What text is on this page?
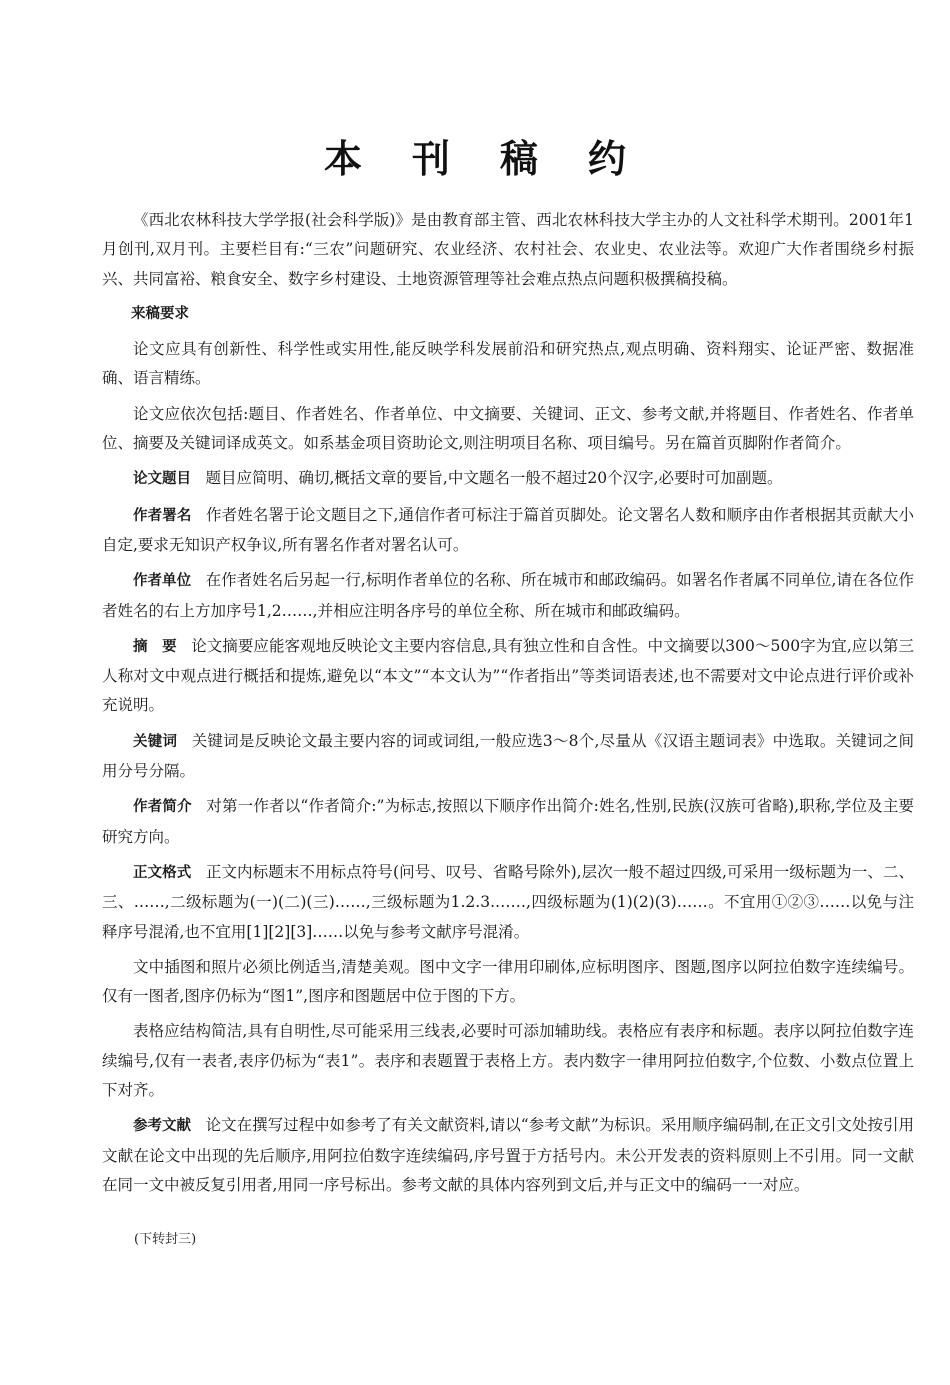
本刊稿约

《西北农林科技大学学报(社会科学版)》是由教育部主管、西北农林科技大学主办的人文社科学术期刊。2001年1月创刊,双月刊。主要栏目有:“三农”问题研究、农业经济、农村社会、农业史、农业法等。欢迎广大作者围绕乡村振兴、共同富裕、粮食安全、数字乡村建设、土地资源管理等社会难点热点问题积极撰稿投稿。

来稿要求

论文应具有创新性、科学性或实用性,能反映学科发展前沿和研究热点,观点明确、资料翔实、论证严密、数据准确、语言精练。

论文应依次包括:题目、作者姓名、作者单位、中文摘要、关键词、正文、参考文献,并将题目、作者姓名、作者单位、摘要及关键词译成英文。如系基金项目资助论文,则注明项目名称、项目编号。另在篇首页脚附作者简介。

论文题目 题目应简明、确切,概括文章的要旨,中文题名一般不超过20个汉字,必要时可加副题。

作者署名 作者姓名署于论文题目之下,通信作者可标注于篇首页脚处。论文署名人数和顺序由作者根据其贡献大小自定,要求无知识产权争议,所有署名作者对署名认可。

作者单位 在作者姓名后另起一行,标明作者单位的名称、所在城市和邮政编码。如署名作者属不同单位,请在各位作者姓名的右上方加序号1,2……,并相应注明各序号的单位全称、所在城市和邮政编码。

摘　要 论文摘要应能客观地反映论文主要内容信息,具有独立性和自含性。中文摘要以300～500字为宜,应以第三人称对文中观点进行概括和提炼,避免以“本文”“本文认为”“作者指出”等类词语表述,也不需要对文中论点进行评价或补充说明。

关键词 关键词是反映论文最主要内容的词或词组,一般应选3～8个,尽量从《汉语主题词表》中选取。关键词之间用分号分隔。

作者简介 对第一作者以“作者简介:”为标志,按照以下顺序作出简介:姓名,性别,民族(汉族可省略),职称,学位及主要研究方向。

正文格式 正文内标题末不用标点符号(问号、叹号、省略号除外),层次一般不超过四级,可采用一级标题为一、二、三、……,二级标题为(一)(二)(三)……,三级标题为1.2.3.……,四级标题为(1)(2)(3)……。不宜用①②③……以免与注释序号混淆,也不宜用[1][2][3]……以免与参考文献序号混淆。

文中插图和照片必须比例适当,清楚美观。图中文字一律用印刷体,应标明图序、图题,图序以阿拉伯数字连续编号。仅有一图者,图序仍标为“图1”,图序和图题居中位于图的下方。

表格应结构简洁,具有自明性,尽可能采用三线表,必要时可添加辅助线。表格应有表序和标题。表序以阿拉伯数字连续编号,仅有一表者,表序仍标为“表1”。表序和表题置于表格上方。表内数字一律用阿拉伯数字,个位数、小数点位置上下对齐。

参考文献 论文在撰写过程中如参考了有关文献资料,请以“参考文献”为标识。采用顺序编码制,在正文引文处按引用文献在论文中出现的先后顺序,用阿拉伯数字连续编码,序号置于方括号内。未公开发表的资料原则上不引用。同一文献在同一文中被反复引用者,用同一序号标出。参考文献的具体内容列到文后,并与正文中的编码一一对应。

(下转封三)
